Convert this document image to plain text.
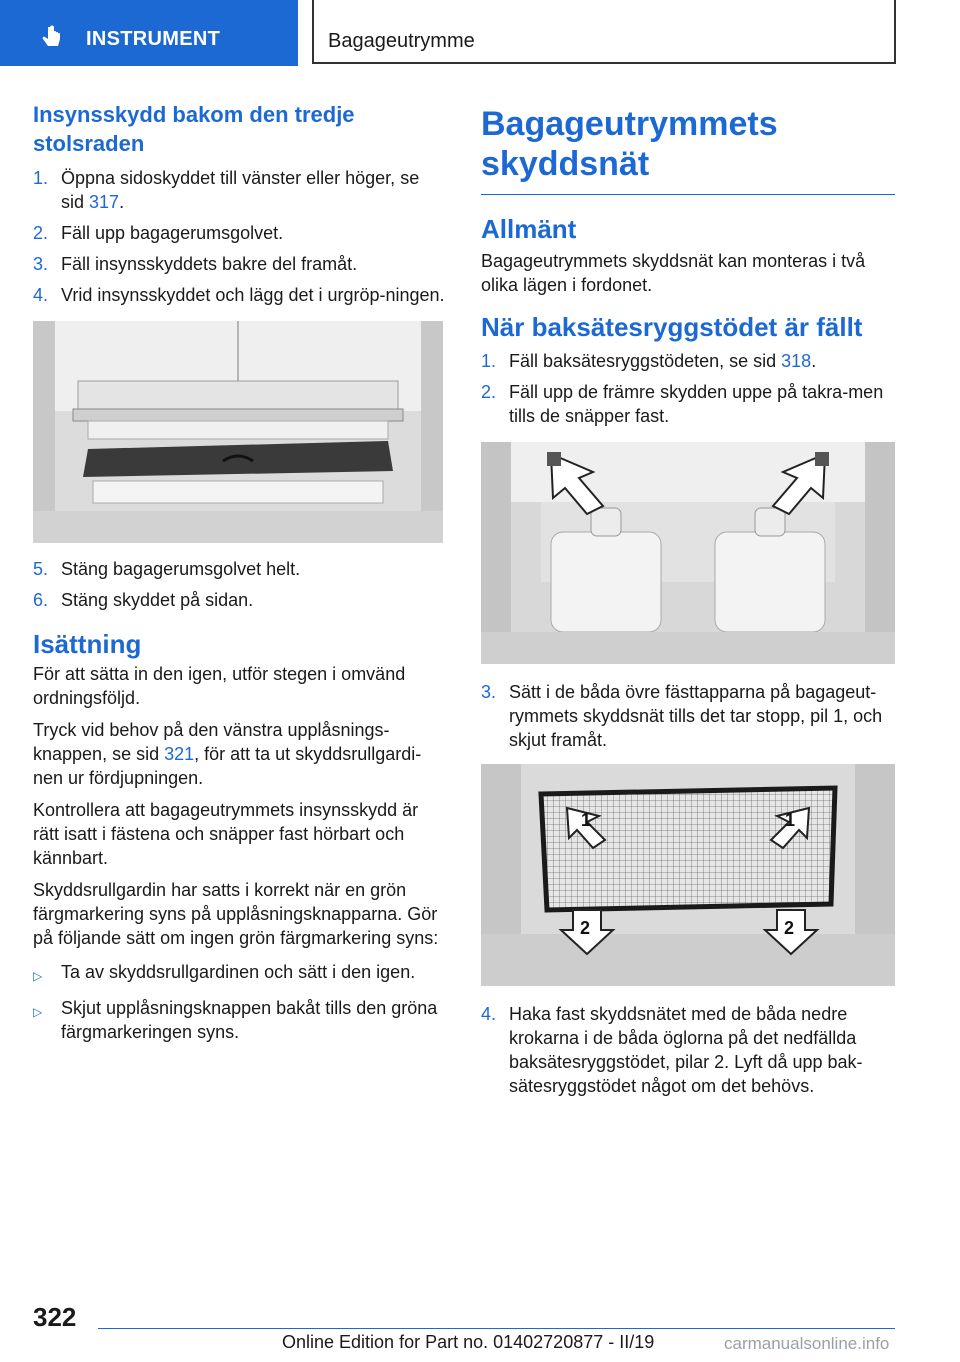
INSTRUMENT	Bagageutrymme
Insynsskydd bakom den tredje stolsraden
1. Öppna sidoskyddet till vänster eller höger, se sid 317.
2. Fäll upp bagagerumsgolvet.
3. Fäll insynsskyddets bakre del framåt.
4. Vrid insynsskyddet och lägg det i urgröp‐ningen.
5. Stäng bagagerumsgolvet helt.
6. Stäng skyddet på sidan.
Isättning

För att sätta in den igen, utför stegen i omvänd ordningsföljd.

Tryck vid behov på den vänstra upplåsnings‐knappen, se sid 321, för att ta ut skyddsrullgardi‐nen ur fördjupningen.

Kontrollera att bagageutrymmets insynsskydd är rätt isatt i fästena och snäpper fast hörbart och kännbart.

Skyddsrullgardin har satts i korrekt när en grön färgmarkering syns på upplåsningsknapparna. Gör på följande sätt om ingen grön färgmarkering syns:

▷	Ta av skyddsrullgardinen och sätt i den igen.
▷	Skjut upplåsningsknappen bakåt tills den gröna färgmarkeringen syns.
Bagageutrymmets skyddsnät
Allmänt

Bagageutrymmets skyddsnät kan monteras i två olika lägen i fordonet.

När baksätesryggstödet är fällt
1. Fäll baksätesryggstödeten, se sid 318.
2. Fäll upp de främre skydden uppe på takra‐men tills de snäpper fast.
3. Sätt i de båda övre fästtapparna på bagageut‐rymmets skyddsnät tills det tar stopp, pil 1, och skjut framåt.
1	1
2	2
4. Haka fast skyddsnätet med de båda nedre krokarna i de båda öglorna på det nedfällda baksätesryggstödet, pilar 2. Lyft då upp bak‐sätesryggstödet något om det behövs.
322
Online Edition for Part no. 01402720877 - II/19	carmanualsonline.info
